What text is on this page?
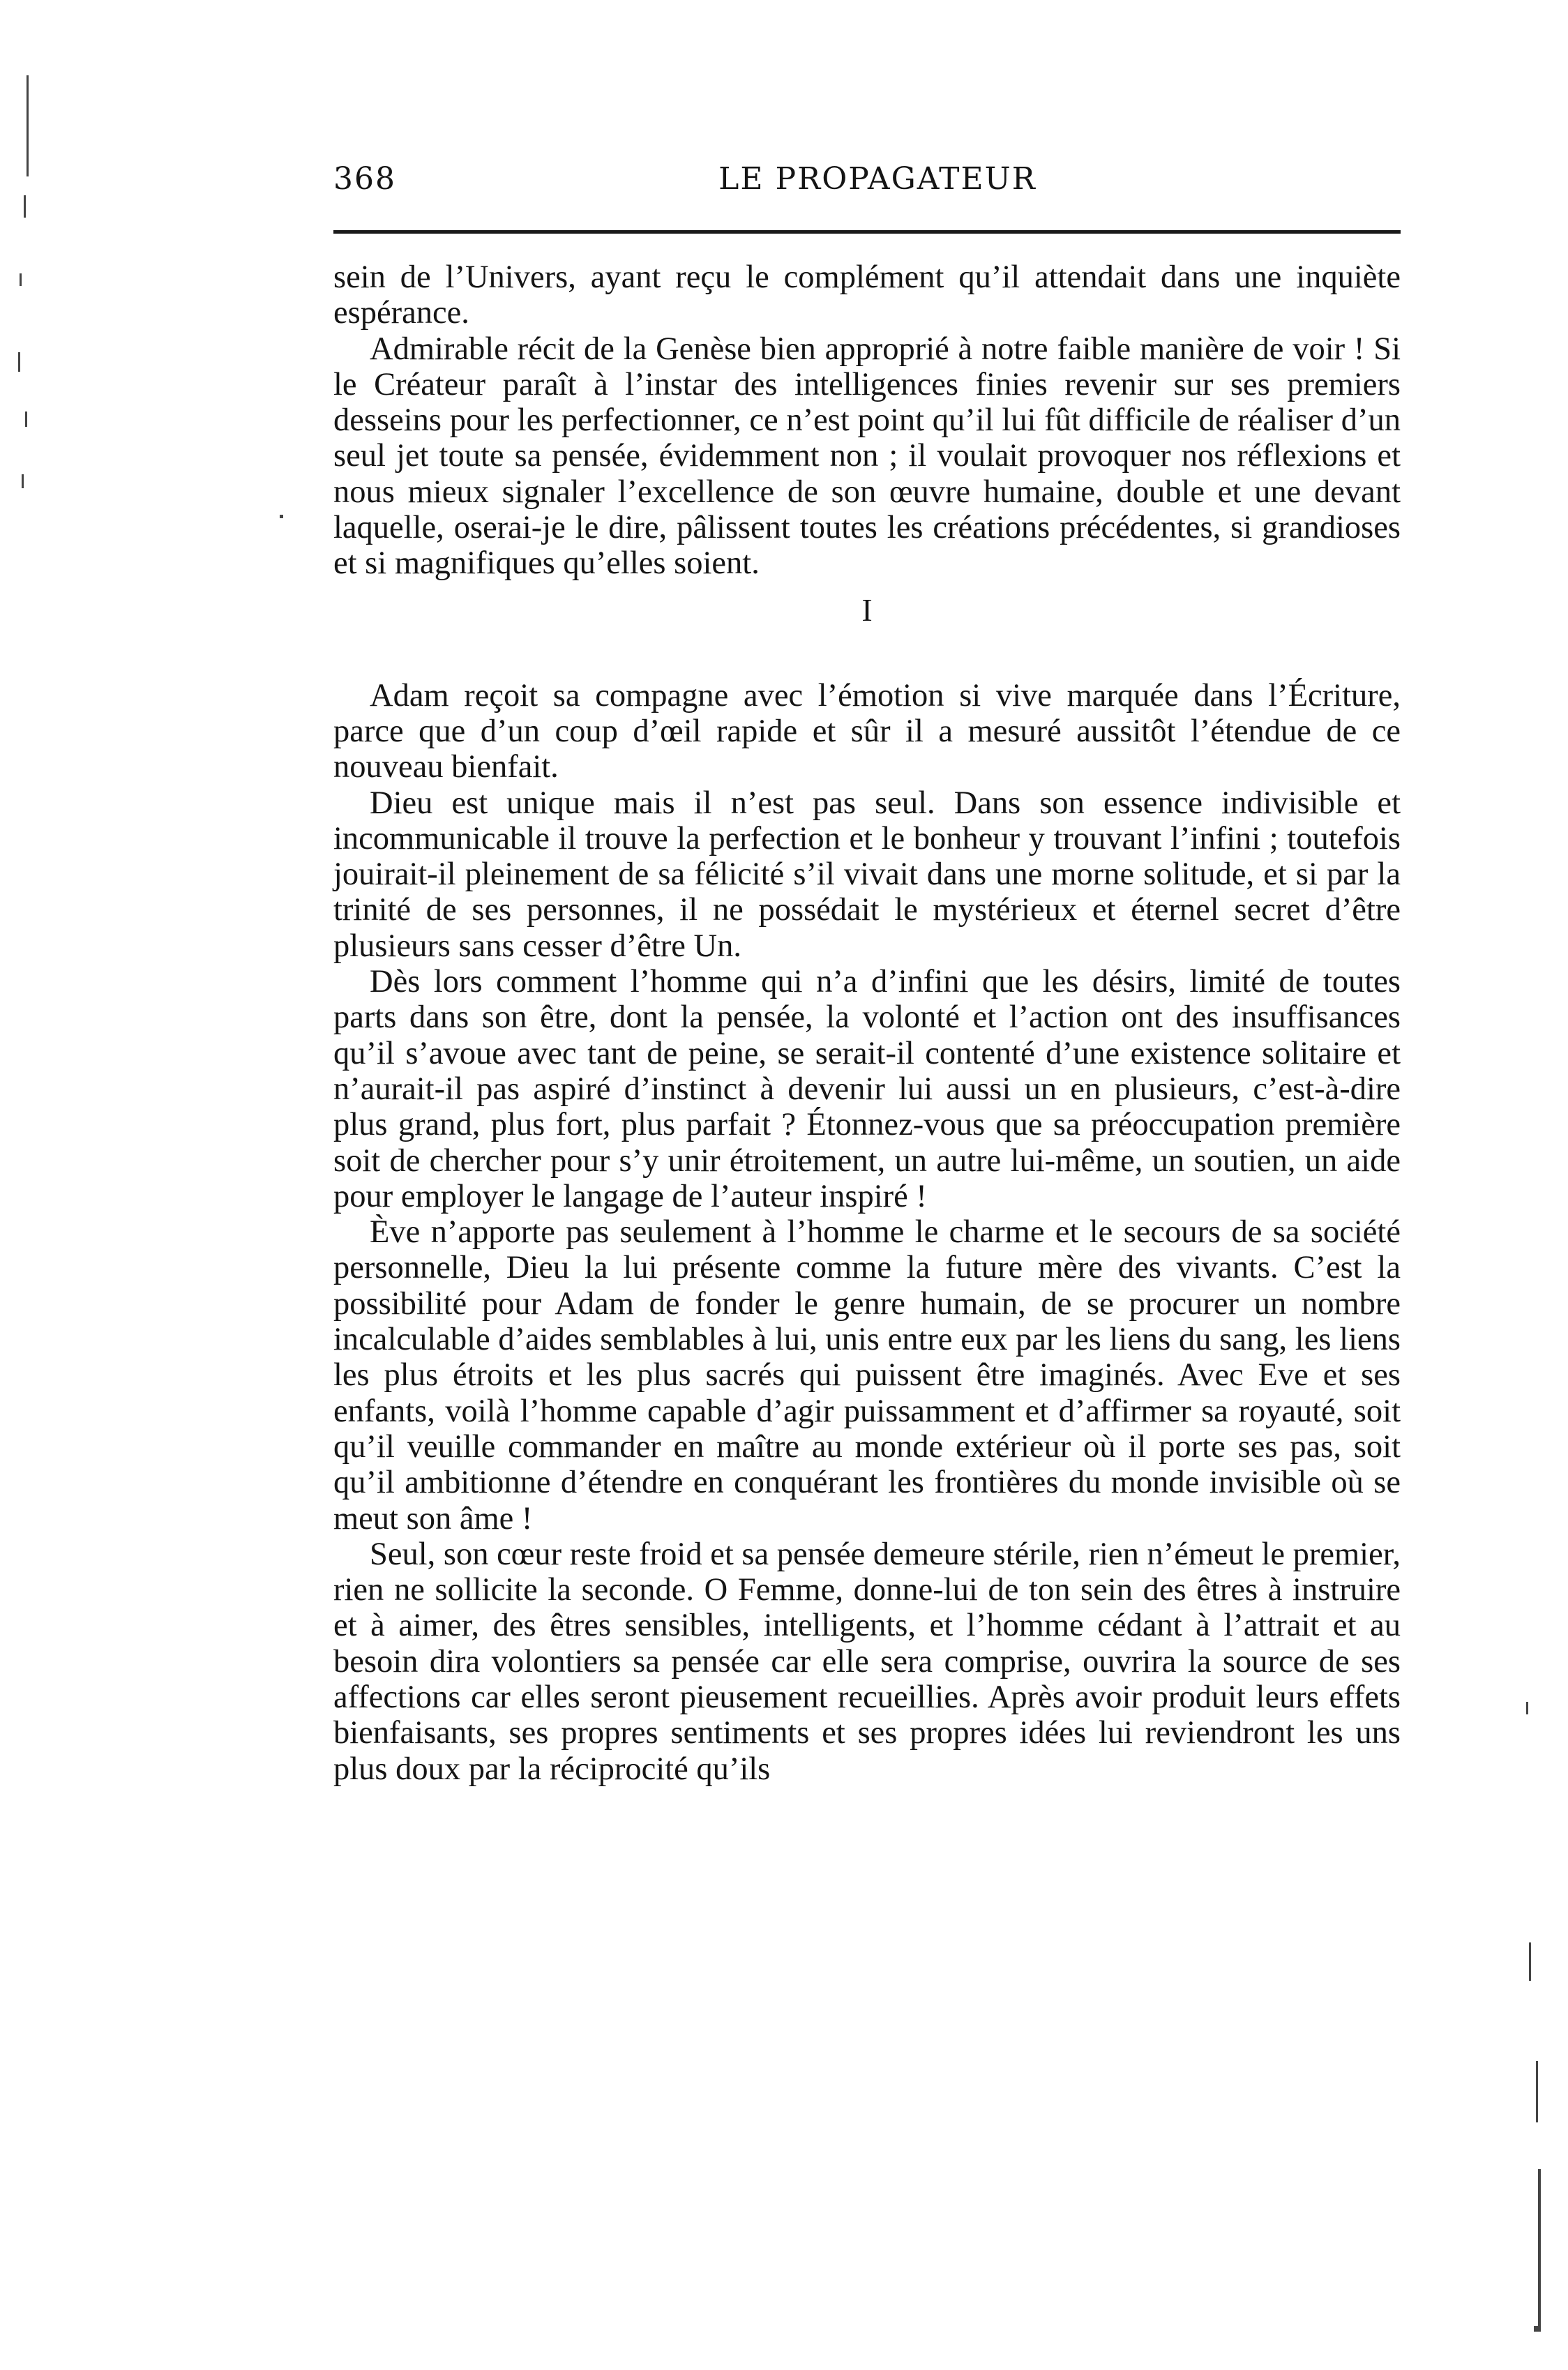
368	LE PROPAGATEUR

sein de l’Univers, ayant reçu le complément qu’il attendait dans une inquiète espérance.

Admirable récit de la Genèse bien approprié à notre faible manière de voir ! Si le Créateur paraît à l’instar des intelligences finies revenir sur ses premiers desseins pour les perfectionner, ce n’est point qu’il lui fût difficile de réaliser d’un seul jet toute sa pensée, évidemment non ; il voulait provoquer nos réflexions et nous mieux signaler l’excellence de son œuvre humaine, double et une devant laquelle, oserai-je le dire, pâlissent toutes les créations précédentes, si grandioses et si magnifiques qu’elles soient.

I

Adam reçoit sa compagne avec l’émotion si vive marquée dans l’Écriture, parce que d’un coup d’œil rapide et sûr il a mesuré aussitôt l’étendue de ce nouveau bienfait.

Dieu est unique mais il n’est pas seul. Dans son essence indivisible et incommunicable il trouve la perfection et le bonheur y trouvant l’infini ; toutefois jouirait-il pleinement de sa félicité s’il vivait dans une morne solitude, et si par la trinité de ses personnes, il ne possédait le mystérieux et éternel secret d’être plusieurs sans cesser d’être Un.

Dès lors comment l’homme qui n’a d’infini que les désirs, limité de toutes parts dans son être, dont la pensée, la volonté et l’action ont des insuffisances qu’il s’avoue avec tant de peine, se serait-il contenté d’une existence solitaire et n’aurait-il pas aspiré d’instinct à devenir lui aussi un en plusieurs, c’est-à-dire plus grand, plus fort, plus parfait ? Étonnez-vous que sa préoccupation première soit de chercher pour s’y unir étroitement, un autre lui-même, un soutien, un aide pour employer le langage de l’auteur inspiré !

Ève n’apporte pas seulement à l’homme le charme et le secours de sa société personnelle, Dieu la lui présente comme la future mère des vivants. C’est la possibilité pour Adam de fonder le genre humain, de se procurer un nombre incalculable d’aides semblables à lui, unis entre eux par les liens du sang, les liens les plus étroits et les plus sacrés qui puissent être imaginés. Avec Eve et ses enfants, voilà l’homme capable d’agir puissamment et d’affirmer sa royauté, soit qu’il veuille commander en maître au monde extérieur où il porte ses pas, soit qu’il ambitionne d’étendre en conquérant les frontières du monde invisible où se meut son âme !

Seul, son cœur reste froid et sa pensée demeure stérile, rien n’émeut le premier, rien ne sollicite la seconde. O Femme, donne-lui de ton sein des êtres à instruire et à aimer, des êtres sensibles, intelligents, et l’homme cédant à l’attrait et au besoin dira volontiers sa pensée car elle sera comprise, ouvrira la source de ses affections car elles seront pieusement recueillies. Après avoir produit leurs effets bienfaisants, ses propres sentiments et ses propres idées lui reviendront les uns plus doux par la réciprocité qu’ils
